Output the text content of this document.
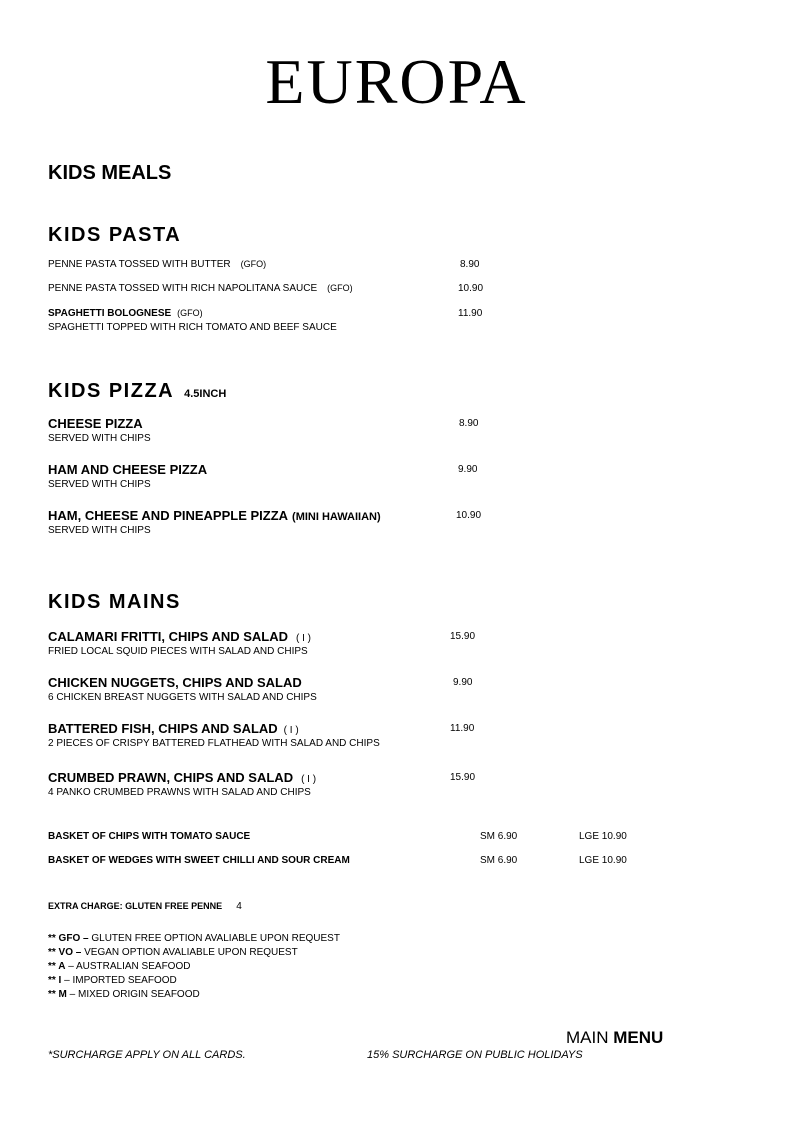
EUROPA
KIDS MEALS
KIDS PASTA
PENNE PASTA TOSSED WITH BUTTER (GFO)	8.90
PENNE PASTA TOSSED WITH RICH NAPOLITANA SAUCE (GFO)	10.90
SPAGHETTI BOLOGNESE (GFO)
SPAGHETTI TOPPED WITH RICH TOMATO AND BEEF SAUCE
11.90
KIDS PIZZA 4.5INCH
CHEESE PIZZA
SERVED WITH CHIPS
8.90
HAM AND CHEESE PIZZA
SERVED WITH CHIPS
9.90
HAM, CHEESE AND PINEAPPLE PIZZA (MINI HAWAIIAN)
SERVED WITH CHIPS
10.90
KIDS MAINS
CALAMARI FRITTI, CHIPS AND SALAD ( I )
FRIED LOCAL SQUID PIECES WITH SALAD AND CHIPS
15.90
CHICKEN NUGGETS, CHIPS AND SALAD
6 CHICKEN BREAST NUGGETS WITH SALAD AND CHIPS
9.90
BATTERED FISH, CHIPS AND SALAD ( I )
2 PIECES OF CRISPY BATTERED FLATHEAD WITH SALAD AND CHIPS
11.90
CRUMBED PRAWN, CHIPS AND SALAD ( I )
4 PANKO CRUMBED PRAWNS WITH SALAD AND CHIPS
15.90
BASKET OF CHIPS WITH TOMATO SAUCE	SM 6.90	LGE 10.90
BASKET OF WEDGES WITH SWEET CHILLI AND SOUR CREAM	SM 6.90	LGE 10.90
EXTRA CHARGE: GLUTEN FREE PENNE 4
** GFO – GLUTEN FREE OPTION AVALIABLE UPON REQUEST
** VO – VEGAN OPTION AVALIABLE UPON REQUEST
** A – AUSTRALIAN SEAFOOD
** I – IMPORTED SEAFOOD
** M – MIXED ORIGIN SEAFOOD
MAIN MENU
*SURCHARGE APPLY ON ALL CARDS.	15% SURCHARGE ON PUBLIC HOLIDAYS
